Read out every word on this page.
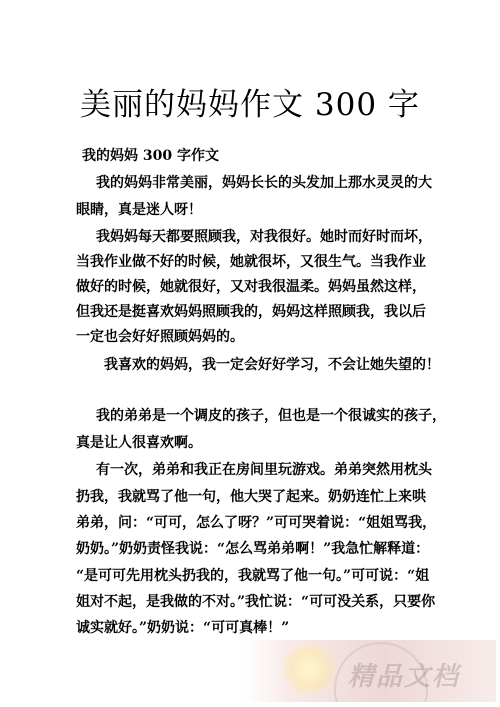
美丽的妈妈作文 300 字
我的妈妈 300 字作文
我的妈妈非常美丽，妈妈长长的头发加上那水灵灵的大
眼睛，真是迷人呀！
我妈妈每天都要照顾我，对我很好。她时而好时而坏，
当我作业做不好的时候，她就很坏，又很生气。当我作业
做好的时候，她就很好，又对我很温柔。妈妈虽然这样，
但我还是挺喜欢妈妈照顾我的，妈妈这样照顾我，我以后
一定也会好好照顾妈妈的。
我喜欢的妈妈，我一定会好好学习，不会让她失望的！
我的弟弟是一个调皮的孩子，但也是一个很诚实的孩子，
真是让人很喜欢啊。
有一次，弟弟和我正在房间里玩游戏。弟弟突然用枕头
扔我，我就骂了他一句，他大哭了起来。奶奶连忙上来哄
弟弟，问：“可可，怎么了呀？”可可哭着说：“姐姐骂我，
奶奶。”奶奶责怪我说：“怎么骂弟弟啊！”我急忙解释道：
“是可可先用枕头扔我的，我就骂了他一句。”可可说：“姐
姐对不起，是我做的不对。”我忙说：“可可没关系，只要你
诚实就好。”奶奶说：“可可真棒！”
精品文档
